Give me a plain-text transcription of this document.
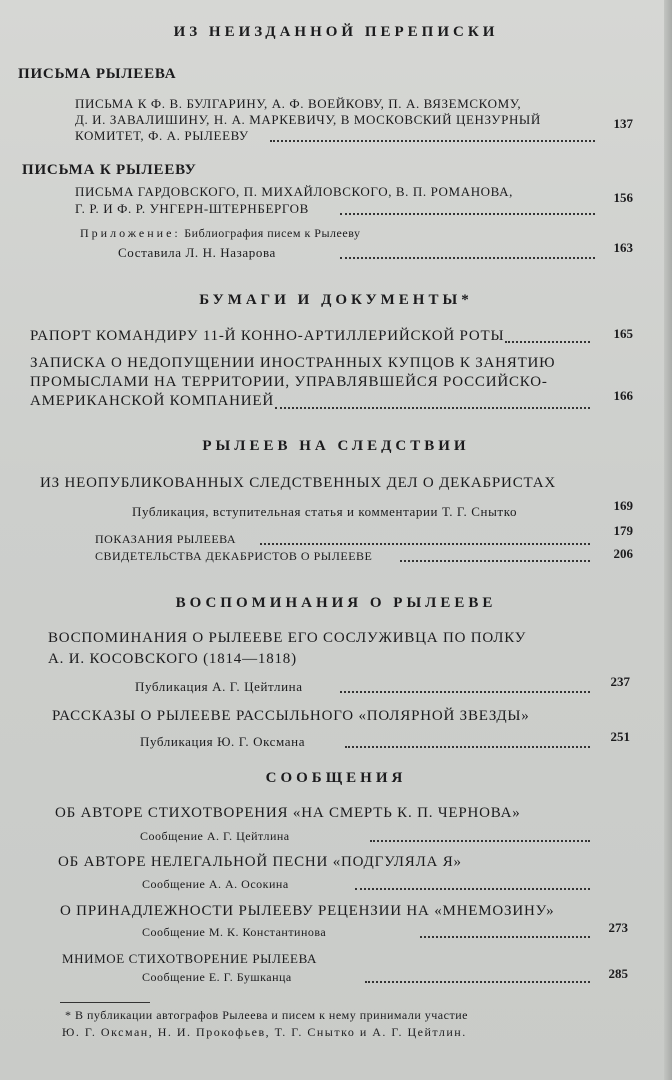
ИЗ НЕИЗДАННОЙ ПЕРЕПИСКИ
ПИСЬМА РЫЛЕЕВА
ПИСЬМА К Ф. В. БУЛГАРИНУ, А. Ф. ВОЕЙКОВУ, П. А. ВЯЗЕМСКОМУ,
Д. И. ЗАВАЛИШИНУ, Н. А. МАРКЕВИЧУ, В МОСКОВСКИЙ ЦЕНЗУРНЫЙ
КОМИТЕТ, Ф. А. РЫЛЕЕВУ
137
ПИСЬМА К РЫЛЕЕВУ
ПИСЬМА ГАРДОВСКОГО, П. МИХАЙЛОВСКОГО, В. П. РОМАНОВА,
Г. Р. И Ф. Р. УНГЕРН-ШТЕРНБЕРГОВ
156
Приложение: Библиография писем к Рылееву
Составила Л. Н. Назарова	163
БУМАГИ И ДОКУМЕНТЫ*
РАПОРТ КОМАНДИРУ 11-Й КОННО-АРТИЛЛЕРИЙСКОЙ РОТЫ	165
ЗАПИСКА О НЕДОПУЩЕНИИ ИНОСТРАННЫХ КУПЦОВ К ЗАНЯТИЮ
ПРОМЫСЛАМИ НА ТЕРРИТОРИИ, УПРАВЛЯВШЕЙСЯ РОССИЙСКО-
АМЕРИКАНСКОЙ КОМПАНИЕЙ	166
РЫЛЕЕВ НА СЛЕДСТВИИ
ИЗ НЕОПУБЛИКОВАННЫХ СЛЕДСТВЕННЫХ ДЕЛ О ДЕКАБРИСТАХ
Публикация, вступительная статья и комментарии Т. Г. Снытко	169
ПОКАЗАНИЯ РЫЛЕЕВА
179
СВИДЕТЕЛЬСТВА ДЕКАБРИСТОВ О РЫЛЕЕВЕ	206
ВОСПОМИНАНИЯ О РЫЛЕЕВЕ
ВОСПОМИНАНИЯ О РЫЛЕЕВЕ ЕГО СОСЛУЖИВЦА ПО ПОЛКУ
А. И. КОСОВСКОГО (1814—1818)
Публикация А. Г. Цейтлина	237
РАССКАЗЫ О РЫЛЕЕВЕ РАССЫЛЬНОГО «ПОЛЯРНОЙ ЗВЕЗДЫ»
Публикация Ю. Г. Оксмана	251
СООБЩЕНИЯ
ОБ АВТОРЕ СТИХОТВОРЕНИЯ «НА СМЕРТЬ К. П. ЧЕРНОВА»
Сообщение А. Г. Цейтлина
ОБ АВТОРЕ НЕЛЕГАЛЬНОЙ ПЕСНИ «ПОДГУЛЯЛА Я»
Сообщение А. А. Осокина
О ПРИНАДЛЕЖНОСТИ РЫЛЕЕВУ РЕЦЕНЗИИ НА «МНЕМОЗИНУ»
Сообщение М. К. Константинова	273
МНИМОЕ СТИХОТВОРЕНИЕ РЫЛЕЕВА
Сообщение Е. Г. Бушканца	285
* В публикации автографов Рылеева и писем к нему принимали участие
Ю. Г. Оксман, Н. И. Прокофьев, Т. Г. Снытко и А. Г. Цейтлин.
